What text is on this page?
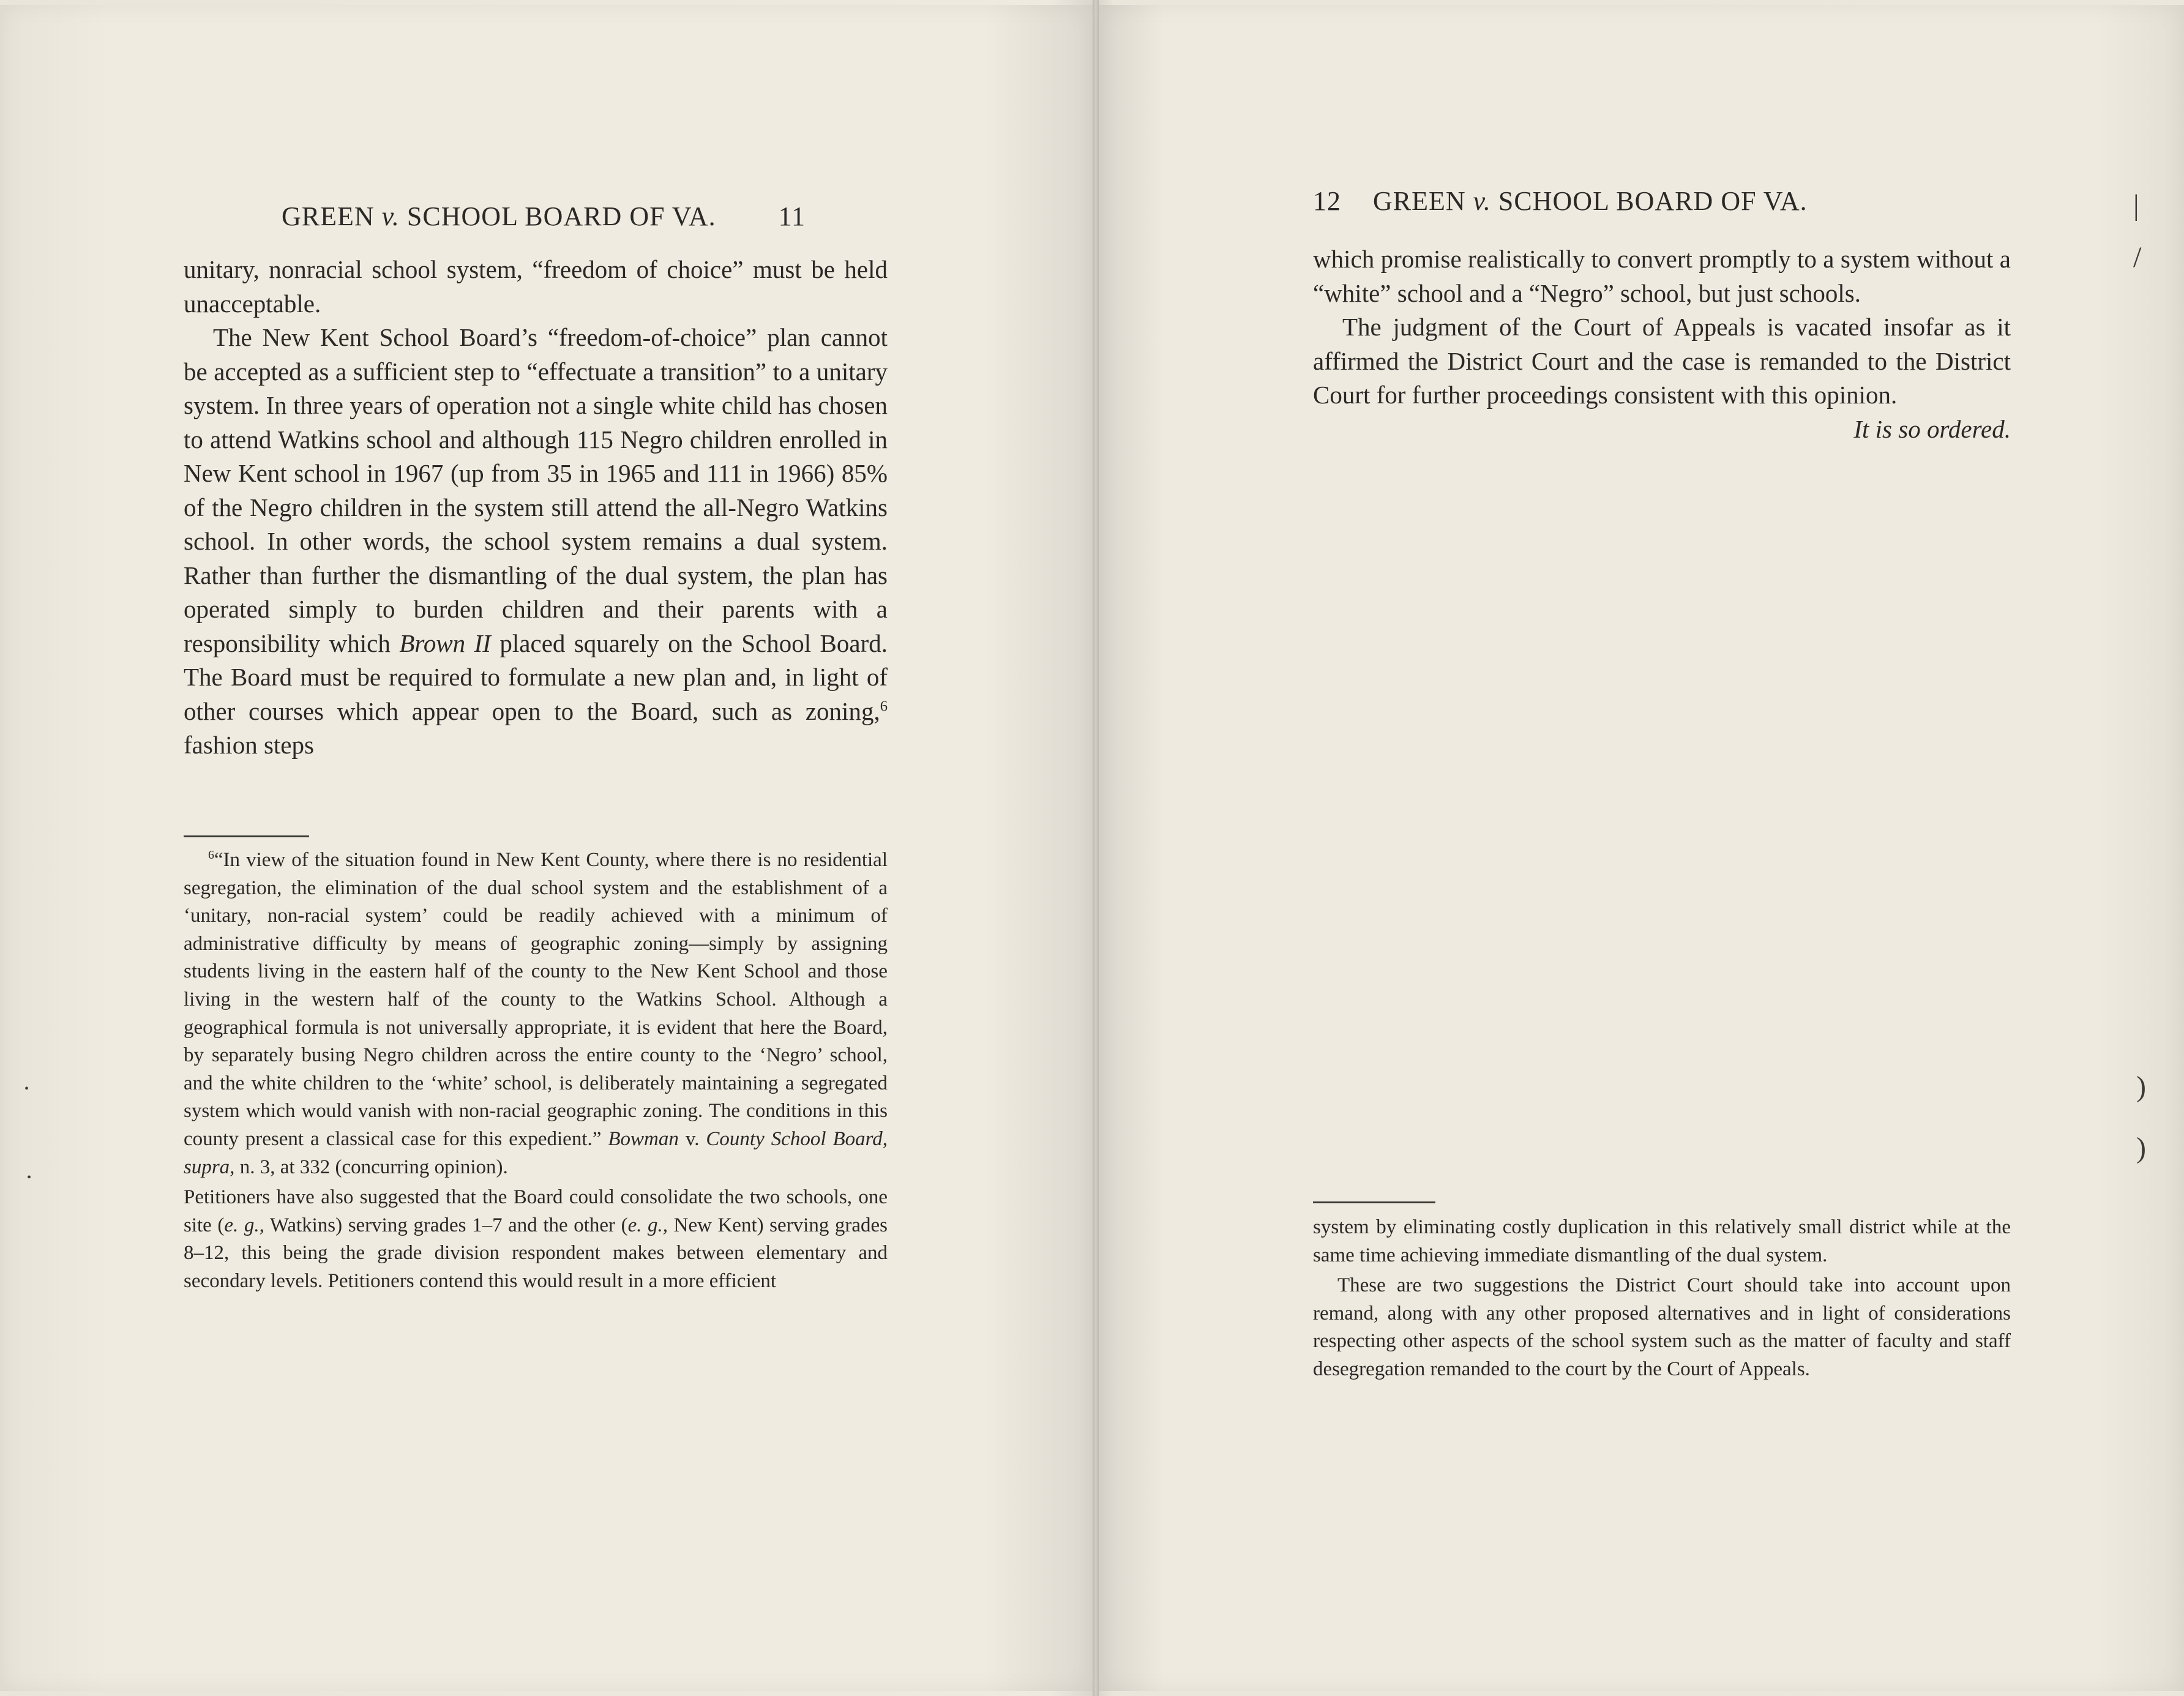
GREEN v. SCHOOL BOARD OF VA. 11

unitary, nonracial school system, “freedom of choice” must be held unacceptable.

The New Kent School Board’s “freedom-of-choice” plan cannot be accepted as a sufficient step to “effectuate a transition” to a unitary system. In three years of operation not a single white child has chosen to attend Watkins school and although 115 Negro children enrolled in New Kent school in 1967 (up from 35 in 1965 and 111 in 1966) 85% of the Negro children in the system still attend the all-Negro Watkins school. In other words, the school system remains a dual system. Rather than further the dismantling of the dual system, the plan has operated simply to burden children and their parents with a responsibility which Brown II placed squarely on the School Board. The Board must be required to formulate a new plan and, in light of other courses which appear open to the Board, such as zoning,$^6$ fashion steps

$^6$“In view of the situation found in New Kent County, where there is no residential segregation, the elimination of the dual school system and the establishment of a ‘unitary, non-racial system’ could be readily achieved with a minimum of administrative difficulty by means of geographic zoning—simply by assigning students living in the eastern half of the county to the New Kent School and those living in the western half of the county to the Watkins School. Although a geographical formula is not universally appropriate, it is evident that here the Board, by separately busing Negro children across the entire county to the ‘Negro’ school, and the white children to the ‘white’ school, is deliberately maintaining a segregated system which would vanish with non-racial geographic zoning. The conditions in this county present a classical case for this expedient.” Bowman v. County School Board, supra, n. 3, at 332 (concurring opinion).

Petitioners have also suggested that the Board could consolidate the two schools, one site (e. g., Watkins) serving grades 1–7 and the other (e. g., New Kent) serving grades 8–12, this being the grade division respondent makes between elementary and secondary levels. Petitioners contend this would result in a more efficient

•
•
12 GREEN v. SCHOOL BOARD OF VA.

which promise realistically to convert promptly to a system without a “white” school and a “Negro” school, but just schools.

The judgment of the Court of Appeals is vacated insofar as it affirmed the District Court and the case is remanded to the District Court for further proceedings consistent with this opinion.

It is so ordered.

system by eliminating costly duplication in this relatively small district while at the same time achieving immediate dismantling of the dual system.

These are two suggestions the District Court should take into account upon remand, along with any other proposed alternatives and in light of considerations respecting other aspects of the school system such as the matter of faculty and staff desegregation remanded to the court by the Court of Appeals.

|
/
)
)
